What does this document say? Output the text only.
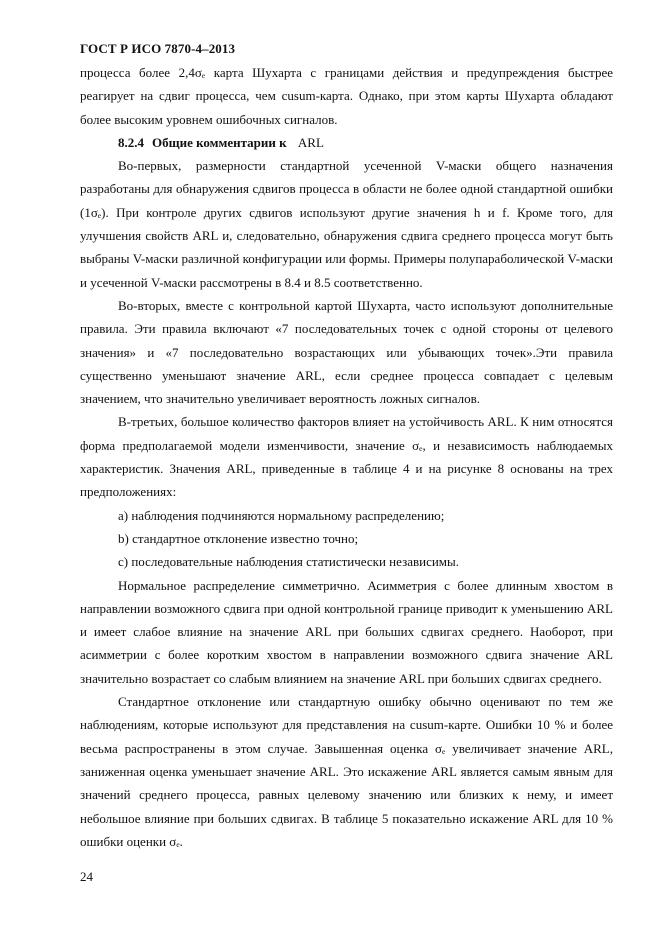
ГОСТ Р ИСО 7870-4–2013

процесса более 2,4σₑ карта Шухарта с границами действия и предупреждения быстрее реагирует на сдвиг процесса, чем cusum-карта. Однако, при этом карты Шухарта обладают более высоким уровнем ошибочных сигналов.

8.2.4 Общие комментарии к ARL

Во-первых, размерности стандартной усеченной V-маски общего назначения разработаны для обнаружения сдвигов процесса в области не более одной стандартной ошибки (1σₑ). При контроле других сдвигов используют другие значения h и f. Кроме того, для улучшения свойств ARL и, следовательно, обнаружения сдвига среднего процесса могут быть выбраны V-маски различной конфигурации или формы. Примеры полупараболической V-маски и усеченной V-маски рассмотрены в 8.4 и 8.5 соответственно.

Во-вторых, вместе с контрольной картой Шухарта, часто используют дополнительные правила. Эти правила включают «7 последовательных точек с одной стороны от целевого значения» и «7 последовательно возрастающих или убывающих точек».Эти правила существенно уменьшают значение ARL, если среднее процесса совпадает с целевым значением, что значительно увеличивает вероятность ложных сигналов.

В-третьих, большое количество факторов влияет на устойчивость ARL. К ним относятся форма предполагаемой модели изменчивости, значение σₑ, и независимость наблюдаемых характеристик. Значения ARL, приведенные в таблице 4 и на рисунке 8 основаны на трех предположениях:

a) наблюдения подчиняются нормальному распределению;

b) стандартное отклонение известно точно;

c) последовательные наблюдения статистически независимы.

Нормальное распределение симметрично. Асимметрия с более длинным хвостом в направлении возможного сдвига при одной контрольной границе приводит к уменьшению ARL и имеет слабое влияние на значение ARL при больших сдвигах среднего. Наоборот, при асимметрии с более коротким хвостом в направлении возможного сдвига значение ARL значительно возрастает со слабым влиянием на значение ARL при больших сдвигах среднего.

Стандартное отклонение или стандартную ошибку обычно оценивают по тем же наблюдениям, которые используют для представления на cusum-карте. Ошибки 10 % и более весьма распространены в этом случае. Завышенная оценка σₑ увеличивает значение ARL, заниженная оценка уменьшает значение ARL. Это искажение ARL является самым явным для значений среднего процесса, равных целевому значению или близких к нему, и имеет небольшое влияние при больших сдвигах. В таблице 5 показательно искажение ARL для 10 % ошибки оценки σₑ.

24
